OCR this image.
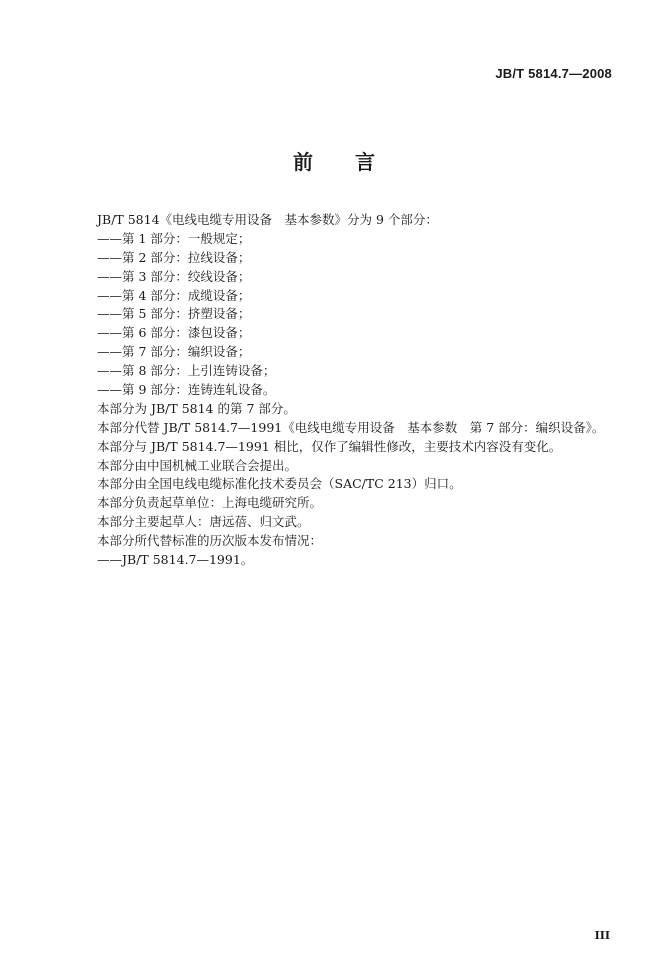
JB/T 5814.7—2008
前 言
JB/T 5814《电线电缆专用设备　基本参数》分为 9 个部分：
——第 1 部分：一般规定；
——第 2 部分：拉线设备；
——第 3 部分：绞线设备；
——第 4 部分：成缆设备；
——第 5 部分：挤塑设备；
——第 6 部分：漆包设备；
——第 7 部分：编织设备；
——第 8 部分：上引连铸设备；
——第 9 部分：连铸连轧设备。
本部分为 JB/T 5814 的第 7 部分。
本部分代替 JB/T 5814.7—1991《电线电缆专用设备　基本参数　第 7 部分：编织设备》。
本部分与 JB/T 5814.7—1991 相比，仅作了编辑性修改，主要技术内容没有变化。
本部分由中国机械工业联合会提出。
本部分由全国电线电缆标准化技术委员会（SAC/TC 213）归口。
本部分负责起草单位：上海电缆研究所。
本部分主要起草人：唐远蓓、归文武。
本部分所代替标准的历次版本发布情况：
——JB/T 5814.7—1991。
III
